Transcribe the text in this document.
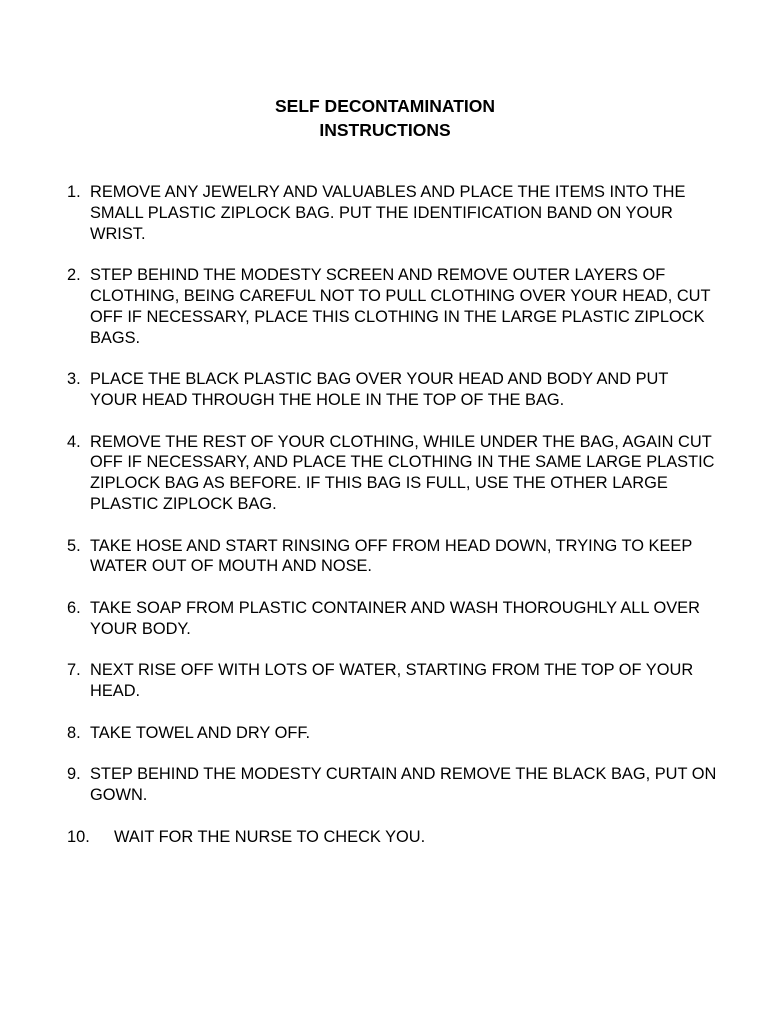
SELF DECONTAMINATION
INSTRUCTIONS
1. REMOVE ANY JEWELRY AND VALUABLES AND PLACE THE ITEMS INTO THE SMALL PLASTIC ZIPLOCK BAG. PUT THE IDENTIFICATION BAND ON YOUR WRIST.
2. STEP BEHIND THE MODESTY SCREEN AND REMOVE OUTER LAYERS OF CLOTHING, BEING CAREFUL NOT TO PULL CLOTHING OVER YOUR HEAD, CUT OFF IF NECESSARY, PLACE THIS CLOTHING IN THE LARGE PLASTIC ZIPLOCK BAGS.
3. PLACE THE BLACK PLASTIC BAG OVER YOUR HEAD AND BODY AND PUT YOUR HEAD THROUGH THE HOLE IN THE TOP OF THE BAG.
4. REMOVE THE REST OF YOUR CLOTHING, WHILE UNDER THE BAG, AGAIN CUT OFF IF NECESSARY, AND PLACE THE CLOTHING IN THE SAME LARGE PLASTIC ZIPLOCK BAG AS BEFORE. IF THIS BAG IS FULL, USE THE OTHER LARGE PLASTIC ZIPLOCK BAG.
5. TAKE HOSE AND START RINSING OFF FROM HEAD DOWN, TRYING TO KEEP WATER OUT OF MOUTH AND NOSE.
6. TAKE SOAP FROM PLASTIC CONTAINER AND WASH THOROUGHLY ALL OVER YOUR BODY.
7. NEXT RISE OFF WITH LOTS OF WATER, STARTING FROM THE TOP OF YOUR HEAD.
8. TAKE TOWEL AND DRY OFF.
9. STEP BEHIND THE MODESTY CURTAIN AND REMOVE THE BLACK BAG, PUT ON GOWN.
10. WAIT FOR THE NURSE TO CHECK YOU.
